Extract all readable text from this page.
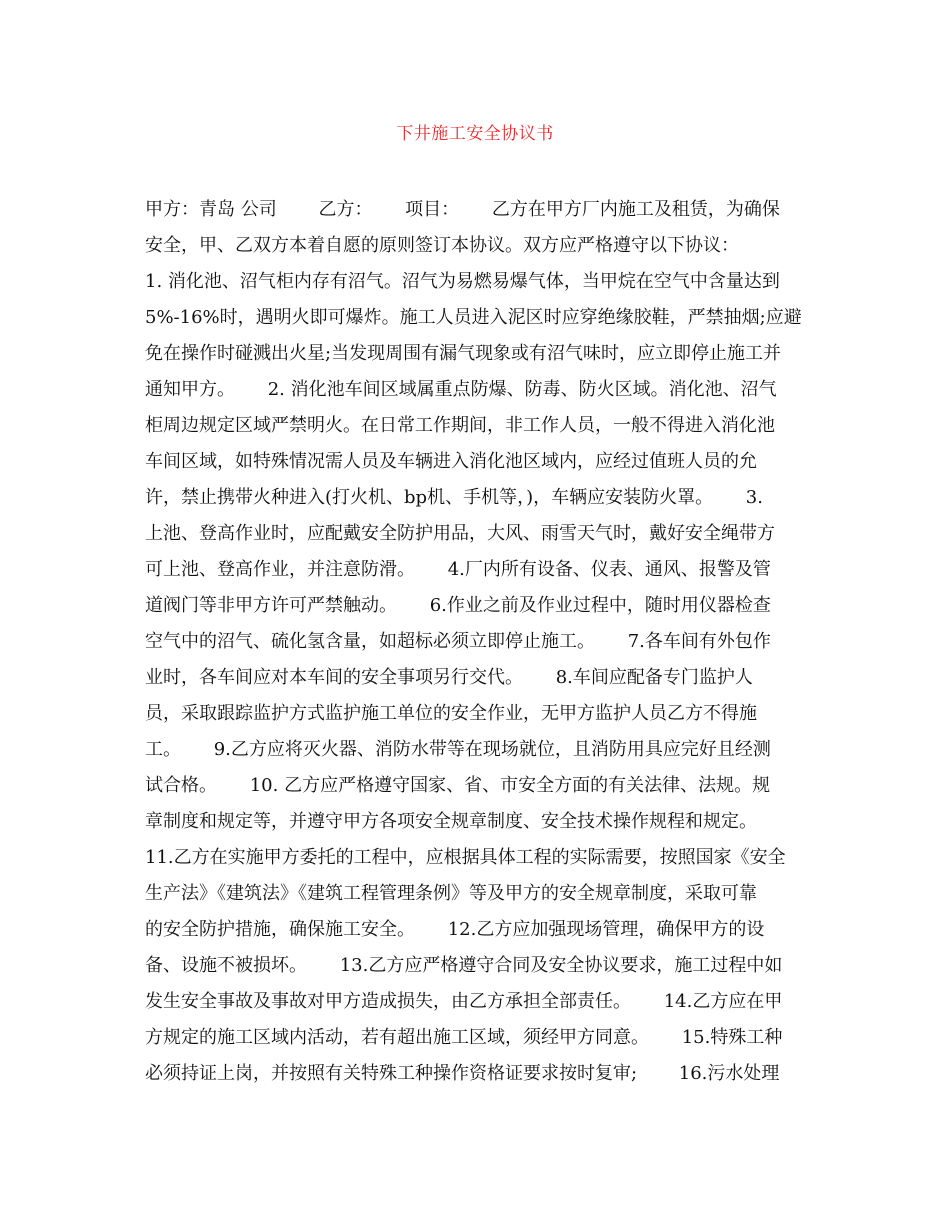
下井施工安全协议书
甲方：青岛 公司　　 乙方：　　 项目：　　 乙方在甲方厂内施工及租赁，为确保
安全，甲、乙双方本着自愿的原则签订本协议。双方应严格遵守以下协议：
1. 消化池、沼气柜内存有沼气。沼气为易燃易爆气体，当甲烷在空气中含量达到
5%-16%时，遇明火即可爆炸。施工人员进入泥区时应穿绝缘胶鞋，严禁抽烟;应避
免在操作时碰溅出火星;当发现周围有漏气现象或有沼气味时，应立即停止施工并
通知甲方。　　 2. 消化池车间区域属重点防爆、防毒、防火区域。消化池、沼气
柜周边规定区域严禁明火。在日常工作期间，非工作人员，一般不得进入消化池
车间区域，如特殊情况需人员及车辆进入消化池区域内，应经过值班人员的允
许，禁止携带火种进入(打火机、bp机、手机等，)，车辆应安装防火罩。　　 3.
上池、登高作业时，应配戴安全防护用品，大风、雨雪天气时，戴好安全绳带方
可上池、登高作业，并注意防滑。　　 4.厂内所有设备、仪表、通风、报警及管
道阀门等非甲方许可严禁触动。　　 6.作业之前及作业过程中，随时用仪器检查
空气中的沼气、硫化氢含量，如超标必须立即停止施工。　　 7.各车间有外包作
业时，各车间应对本车间的安全事项另行交代。　　 8.车间应配备专门监护人
员，采取跟踪监护方式监护施工单位的安全作业，无甲方监护人员乙方不得施
工。　　 9.乙方应将灭火器、消防水带等在现场就位，且消防用具应完好且经测
试合格。　　 10. 乙方应严格遵守国家、省、市安全方面的有关法律、法规。规
章制度和规定等，并遵守甲方各项安全规章制度、安全技术操作规程和规定。
11.乙方在实施甲方委托的工程中，应根据具体工程的实际需要，按照国家《安全
生产法》《建筑法》《建筑工程管理条例》等及甲方的安全规章制度，采取可靠
的安全防护措施，确保施工安全。　　 12.乙方应加强现场管理，确保甲方的设
备、设施不被损坏。　　 13.乙方应严格遵守合同及安全协议要求，施工过程中如
发生安全事故及事故对甲方造成损失，由乙方承担全部责任。　　 14.乙方应在甲
方规定的施工区域内活动，若有超出施工区域，须经甲方同意。　　 15.特殊工种
必须持证上岗，并按照有关特殊工种操作资格证要求按时复审;　　 16.污水处理
